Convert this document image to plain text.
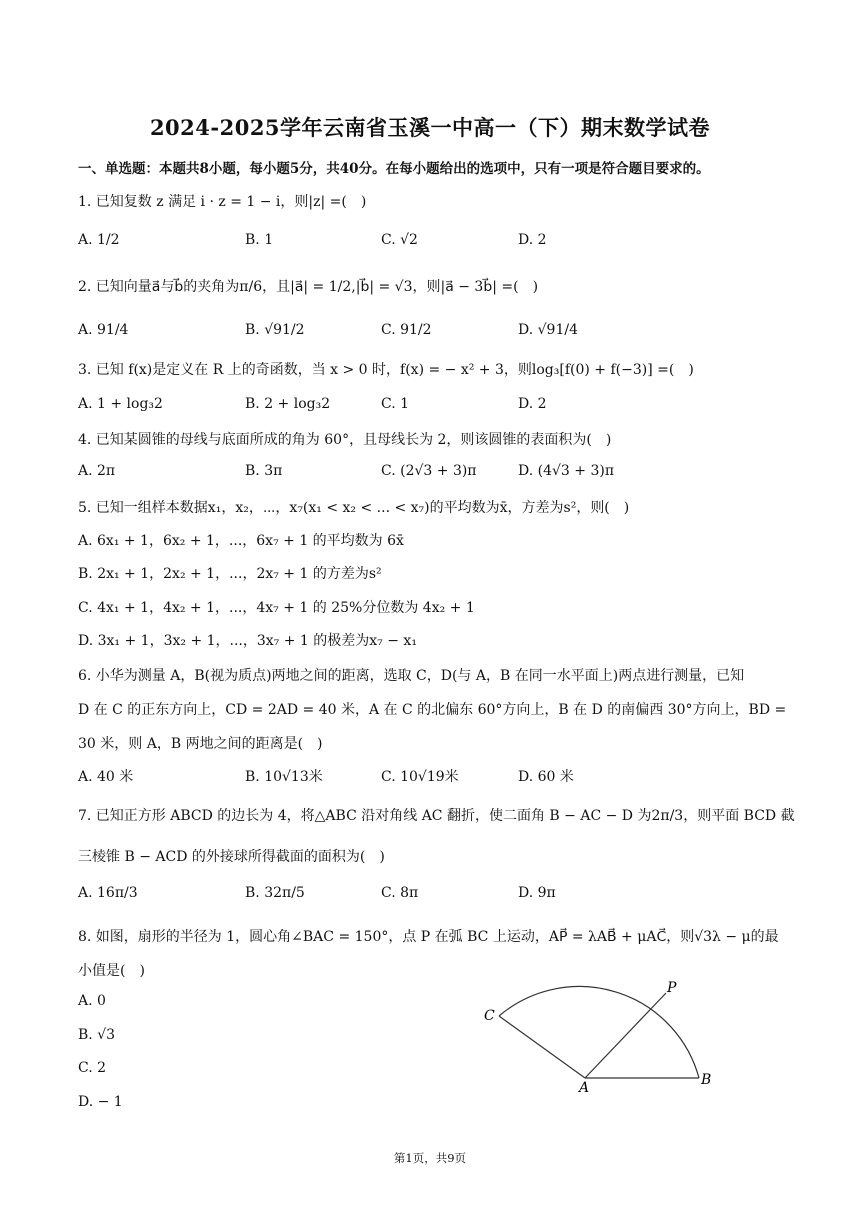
2024-2025学年云南省玉溪一中高一（下）期末数学试卷
一、单选题：本题共8小题，每小题5分，共40分。在每小题给出的选项中，只有一项是符合题目要求的。
1. 已知复数 z 满足 i · z = 1 − i，则|z| =(　)
A. 1/2	B. 1	C. √2	D. 2
2. 已知向量a⃗与b⃗的夹角为π/6，且|a⃗| = 1/2,|b⃗| = √3，则|a⃗ − 3b⃗| =(　)
A. 91/4	B. √91/2	C. 91/2	D. √91/4
3. 已知 f(x)是定义在 R 上的奇函数，当 x > 0 时，f(x) = − x² + 3，则log₃[f(0) + f(−3)] =(　)
A. 1 + log₃2	B. 2 + log₃2	C. 1	D. 2
4. 已知某圆锥的母线与底面所成的角为 60°，且母线长为 2，则该圆锥的表面积为(　)
A. 2π	B. 3π	C. (2√3 + 3)π	D. (4√3 + 3)π
5. 已知一组样本数据x₁，x₂，⋯，x₇(x₁ < x₂ < ... < x₇)的平均数为x̄，方差为s²，则(　)
A. 6x₁ + 1，6x₂ + 1，...，6x₇ + 1 的平均数为 6x̄
B. 2x₁ + 1，2x₂ + 1，...，2x₇ + 1 的方差为s²
C. 4x₁ + 1，4x₂ + 1，...，4x₇ + 1 的 25%分位数为 4x₂ + 1
D. 3x₁ + 1，3x₂ + 1，...，3x₇ + 1 的极差为x₇ − x₁
6. 小华为测量 A，B(视为质点)两地之间的距离，选取 C，D(与 A，B 在同一水平面上)两点进行测量，已知
D 在 C 的正东方向上，CD = 2AD = 40 米，A 在 C 的北偏东 60°方向上，B 在 D 的南偏西 30°方向上，BD =
30 米，则 A，B 两地之间的距离是(　)
A. 40 米	B. 10√13米	C. 10√19米	D. 60 米
7. 已知正方形 ABCD 的边长为 4，将△ABC 沿对角线 AC 翻折，使二面角 B − AC − D 为2π/3，则平面 BCD 截
三棱锥 B − ACD 的外接球所得截面的面积为(　)
A. 16π/3	B. 32π/5	C. 8π	D. 9π
8. 如图，扇形的半径为 1，圆心角∠BAC = 150°，点 P 在弧 BC 上运动，AP⃗ = λAB⃗ + μAC⃗，则√3λ − μ的最
小值是(　)
A. 0
B. √3
C. 2
D. − 1
A	B
C
P
第1页，共9页
